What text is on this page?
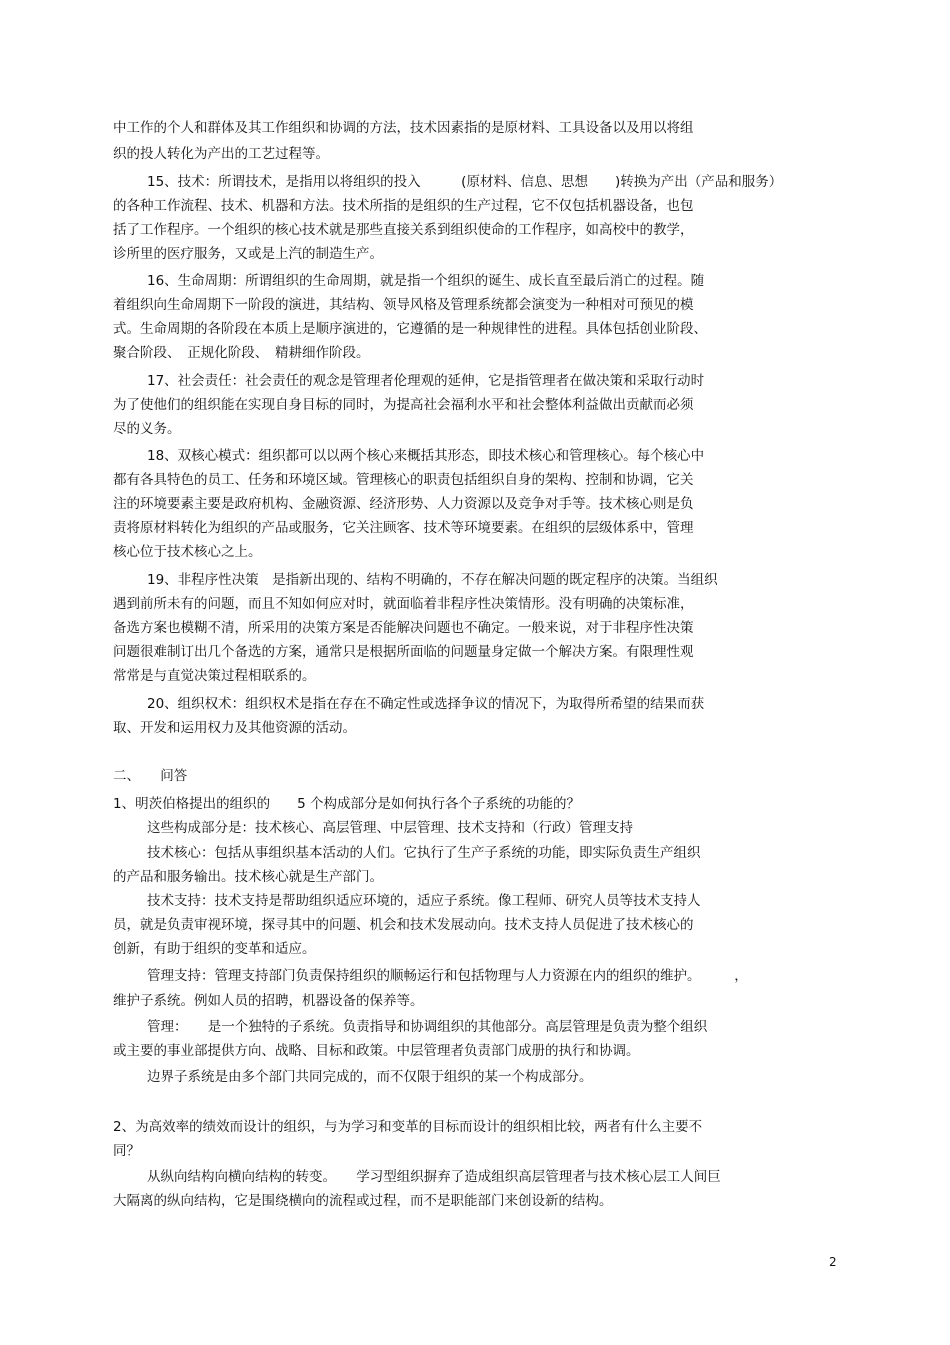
中工作的个人和群体及其工作组织和协调的方法，技术因素指的是原材料、工具设备以及用以将组

织的投人转化为产出的工艺过程等。

15、技术：所谓技术，是指用以将组织的投入　　　(原材料、信息、思想　　)转换为产出（产品和服务）

的各种工作流程、技术、机器和方法。技术所指的是组织的生产过程，它不仅包括机器设备，也包

括了工作程序。一个组织的核心技术就是那些直接关系到组织使命的工作程序，如高校中的教学，

诊所里的医疗服务，又或是上汽的制造生产。

16、生命周期：所谓组织的生命周期，就是指一个组织的诞生、成长直至最后消亡的过程。随

着组织向生命周期下一阶段的演进，其结构、领导风格及管理系统都会演变为一种相对可预见的模

式。生命周期的各阶段在本质上是顺序演进的，它遵循的是一种规律性的进程。具体包括创业阶段、

聚合阶段、　正规化阶段、　精耕细作阶段。

17、社会责任：社会责任的观念是管理者伦理观的延伸，它是指管理者在做决策和采取行动时

为了使他们的组织能在实现自身目标的同时，为提高社会福利水平和社会整体利益做出贡献而必须

尽的义务。

18、双核心模式：组织都可以以两个核心来概括其形态，即技术核心和管理核心。每个核心中

都有各具特色的员工、任务和环境区域。管理核心的职责包括组织自身的架构、控制和协调，它关

注的环境要素主要是政府机构、金融资源、经济形势、人力资源以及竞争对手等。技术核心则是负

责将原材料转化为组织的产品或服务，它关注顾客、技术等环境要素。在组织的层级体系中，管理

核心位于技术核心之上。

19、非程序性决策　是指新出现的、结构不明确的，不存在解决问题的既定程序的决策。当组织

遇到前所未有的问题，而且不知如何应对时，就面临着非程序性决策情形。没有明确的决策标准，

备选方案也模糊不清，所采用的决策方案是否能解决问题也不确定。一般来说，对于非程序性决策

问题很难制订出几个备选的方案，通常只是根据所面临的问题量身定做一个解决方案。有限理性观

常常是与直觉决策过程相联系的。

20、组织权术：组织权术是指在存在不确定性或选择争议的情况下，为取得所希望的结果而获

取、开发和运用权力及其他资源的活动。

二、　　问答

1、明茨伯格提出的组织的　　5 个构成部分是如何执行各个子系统的功能的？

这些构成部分是：技术核心、高层管理、中层管理、技术支持和（行政）管理支持

技术核心：包括从事组织基本活动的人们。它执行了生产子系统的功能，即实际负责生产组织

的产品和服务输出。技术核心就是生产部门。

技术支持：技术支持是帮助组织适应环境的，适应子系统。像工程师、研究人员等技术支持人

员，就是负责审视环境，探寻其中的问题、机会和技术发展动向。技术支持人员促进了技术核心的

创新，有助于组织的变革和适应。

管理支持：管理支持部门负责保持组织的顺畅运行和包括物理与人力资源在内的组织的维护。　　　，

维护子系统。例如人员的招聘，机器设备的保养等。

管理：　　是一个独特的子系统。负责指导和协调组织的其他部分。高层管理是负责为整个组织

或主要的事业部提供方向、战略、目标和政策。中层管理者负责部门成册的执行和协调。

边界子系统是由多个部门共同完成的，而不仅限于组织的某一个构成部分。

2、为高效率的绩效而设计的组织，与为学习和变革的目标而设计的组织相比较，两者有什么主要不

同？

从纵向结构向横向结构的转变。　　学习型组织摒弃了造成组织高层管理者与技术核心层工人间巨

大隔离的纵向结构，它是围绕横向的流程或过程，而不是职能部门来创设新的结构。

2
